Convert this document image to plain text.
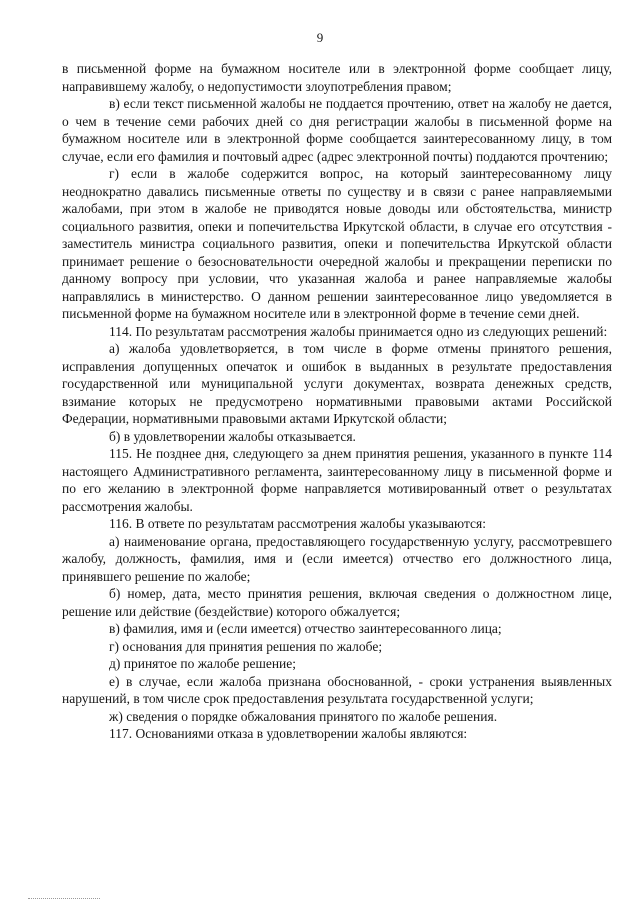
9

в письменной форме на бумажном носителе или в электронной форме сообщает лицу, направившему жалобу, о недопустимости злоупотребления правом;

в) если текст письменной жалобы не поддается прочтению, ответ на жалобу не дается, о чем в течение семи рабочих дней со дня регистрации жалобы в письменной форме на бумажном носителе или в электронной форме сообщается заинтересованному лицу, в том случае, если его фамилия и почтовый адрес (адрес электронной почты) поддаются прочтению;

г) если в жалобе содержится вопрос, на который заинтересованному лицу неоднократно давались письменные ответы по существу и в связи с ранее направляемыми жалобами, при этом в жалобе не приводятся новые доводы или обстоятельства, министр социального развития, опеки и попечительства Иркутской области, в случае его отсутствия - заместитель министра социального развития, опеки и попечительства Иркутской области принимает решение о безосновательности очередной жалобы и прекращении переписки по данному вопросу при условии, что указанная жалоба и ранее направляемые жалобы направлялись в министерство. О данном решении заинтересованное лицо уведомляется в письменной форме на бумажном носителе или в электронной форме в течение семи дней.

114. По результатам рассмотрения жалобы принимается одно из следующих решений:

а) жалоба удовлетворяется, в том числе в форме отмены принятого решения, исправления допущенных опечаток и ошибок в выданных в результате предоставления государственной или муниципальной услуги документах, возврата денежных средств, взимание которых не предусмотрено нормативными правовыми актами Российской Федерации, нормативными правовыми актами Иркутской области;

б) в удовлетворении жалобы отказывается.

115. Не позднее дня, следующего за днем принятия решения, указанного в пункте 114 настоящего Административного регламента, заинтересованному лицу в письменной форме и по его желанию в электронной форме направляется мотивированный ответ о результатах рассмотрения жалобы.

116. В ответе по результатам рассмотрения жалобы указываются:

а) наименование органа, предоставляющего государственную услугу, рассмотревшего жалобу, должность, фамилия, имя и (если имеется) отчество его должностного лица, принявшего решение по жалобе;

б) номер, дата, место принятия решения, включая сведения о должностном лице, решение или действие (бездействие) которого обжалуется;

в) фамилия, имя и (если имеется) отчество заинтересованного лица;

г) основания для принятия решения по жалобе;

д) принятое по жалобе решение;

е) в случае, если жалоба признана обоснованной, - сроки устранения выявленных нарушений, в том числе срок предоставления результата государственной услуги;

ж) сведения о порядке обжалования принятого по жалобе решения.

117. Основаниями отказа в удовлетворении жалобы являются:
